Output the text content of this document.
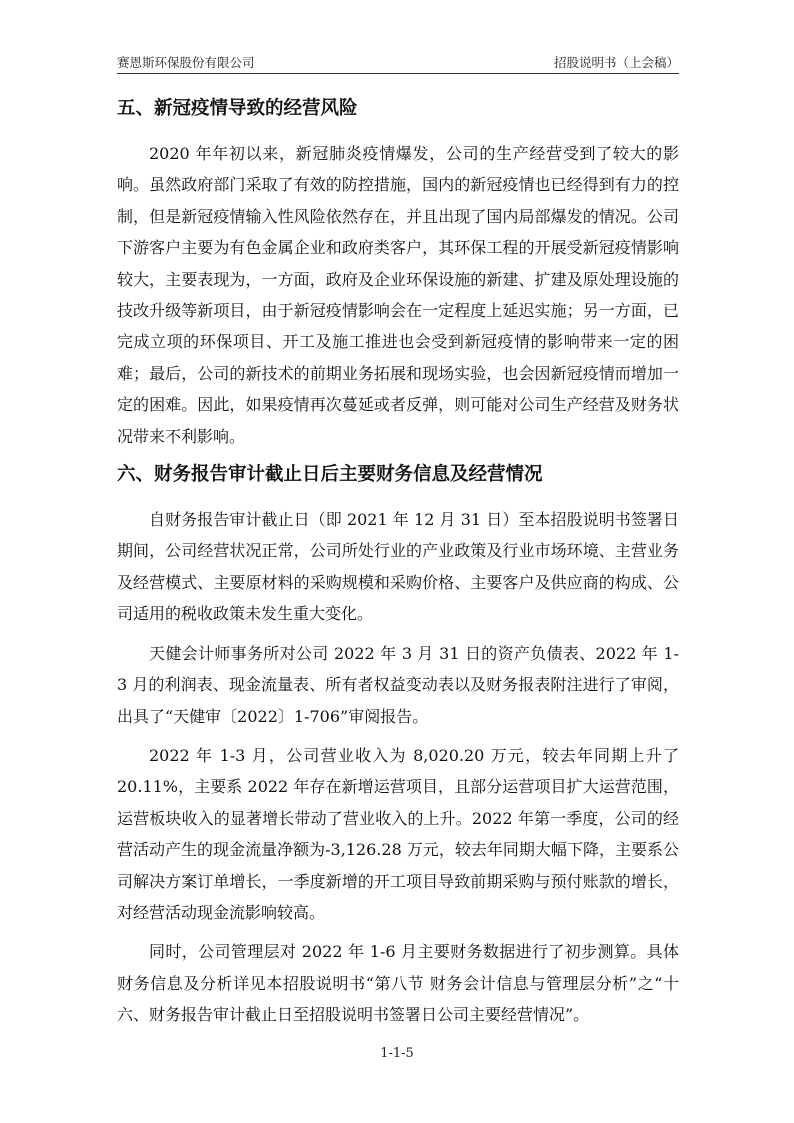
赛恩斯环保股份有限公司	招股说明书（上会稿）
五、新冠疫情导致的经营风险

2020 年年初以来，新冠肺炎疫情爆发，公司的生产经营受到了较大的影响。虽然政府部门采取了有效的防控措施，国内的新冠疫情也已经得到有力的控制，但是新冠疫情输入性风险依然存在，并且出现了国内局部爆发的情况。公司下游客户主要为有色金属企业和政府类客户，其环保工程的开展受新冠疫情影响较大，主要表现为，一方面，政府及企业环保设施的新建、扩建及原处理设施的技改升级等新项目，由于新冠疫情影响会在一定程度上延迟实施；另一方面，已完成立项的环保项目、开工及施工推进也会受到新冠疫情的影响带来一定的困难；最后，公司的新技术的前期业务拓展和现场实验，也会因新冠疫情而增加一定的困难。因此，如果疫情再次蔓延或者反弹，则可能对公司生产经营及财务状况带来不利影响。

六、财务报告审计截止日后主要财务信息及经营情况

自财务报告审计截止日（即 2021 年 12 月 31 日）至本招股说明书签署日期间，公司经营状况正常，公司所处行业的产业政策及行业市场环境、主营业务及经营模式、主要原材料的采购规模和采购价格、主要客户及供应商的构成、公司适用的税收政策未发生重大变化。

天健会计师事务所对公司 2022 年 3 月 31 日的资产负债表、2022 年 1-3 月的利润表、现金流量表、所有者权益变动表以及财务报表附注进行了审阅，出具了“天健审〔2022〕1-706”审阅报告。

2022 年 1-3 月，公司营业收入为 8,020.20 万元，较去年同期上升了 20.11%，主要系 2022 年存在新增运营项目，且部分运营项目扩大运营范围，运营板块收入的显著增长带动了营业收入的上升。2022 年第一季度，公司的经营活动产生的现金流量净额为-3,126.28 万元，较去年同期大幅下降，主要系公司解决方案订单增长，一季度新增的开工项目导致前期采购与预付账款的增长，对经营活动现金流影响较高。

同时，公司管理层对 2022 年 1-6 月主要财务数据进行了初步测算。具体财务信息及分析详见本招股说明书“第八节 财务会计信息与管理层分析”之“十六、财务报告审计截止日至招股说明书签署日公司主要经营情况”。

1-1-5
